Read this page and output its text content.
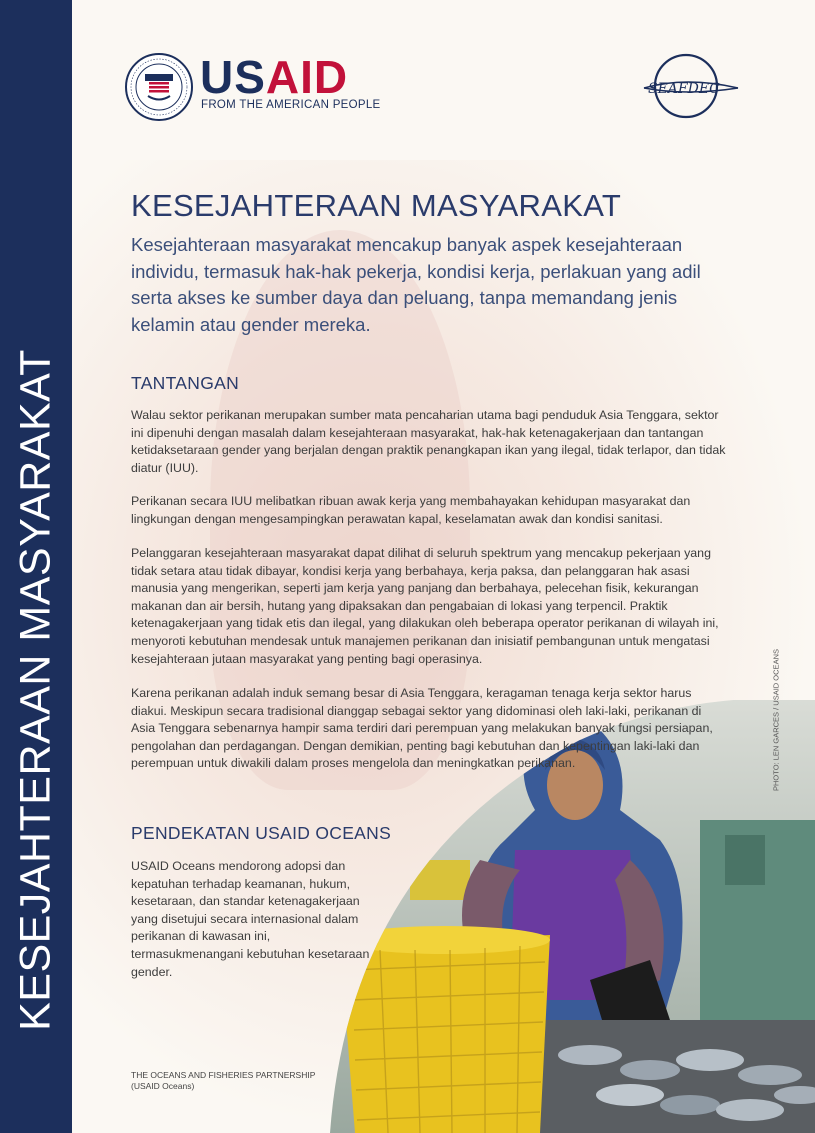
KESEJAHTERAAN MASYARAKAT
USAID
FROM THE AMERICAN PEOPLE
SEAFDEC
KESEJAHTERAAN MASYARAKAT

Kesejahteraan masyarakat mencakup banyak aspek kesejahteraan individu, termasuk hak-hak pekerja, kondisi kerja, perlakuan yang adil serta akses ke sumber daya dan peluang, tanpa memandang jenis kelamin atau gender mereka.

TANTANGAN

Walau sektor perikanan merupakan sumber mata pencaharian utama bagi penduduk Asia Tenggara, sektor ini dipenuhi dengan masalah dalam kesejahteraan masyarakat, hak-hak ketenagakerjaan dan tantangan ketidaksetaraan gender yang berjalan dengan praktik penangkapan ikan yang ilegal, tidak terlapor, dan tidak diatur (IUU).

Perikanan secara IUU melibatkan ribuan awak kerja yang membahayakan kehidupan masyarakat dan lingkungan dengan mengesampingkan perawatan kapal, keselamatan awak dan kondisi sanitasi.

Pelanggaran kesejahteraan masyarakat dapat dilihat di seluruh spektrum yang mencakup pekerjaan yang tidak setara atau tidak dibayar, kondisi kerja yang berbahaya, kerja paksa, dan pelanggaran hak asasi manusia yang mengerikan, seperti jam kerja yang panjang dan berbahaya, pelecehan fisik, kekurangan makanan dan air bersih, hutang yang dipaksakan dan pengabaian di lokasi yang terpencil. Praktik ketenagakerjaan yang tidak etis dan ilegal, yang dilakukan oleh beberapa operator perikanan di wilayah ini, menyoroti kebutuhan mendesak untuk manajemen perikanan dan inisiatif pembangunan untuk mengatasi kesejahteraan jutaan masyarakat yang penting bagi operasinya.

Karena perikanan adalah induk semang besar di Asia Tenggara, keragaman tenaga kerja sektor harus diakui. Meskipun secara tradisional dianggap sebagai sektor yang didominasi oleh laki-laki, perikanan di Asia Tenggara sebenarnya hampir sama terdiri dari perempuan yang melakukan banyak fungsi persiapan, pengolahan dan perdagangan. Dengan demikian, penting bagi kebutuhan dan kepentingan laki-laki dan perempuan untuk diwakili dalam proses mengelola dan meningkatkan perikanan.

PENDEKATAN USAID OCEANS

USAID Oceans mendorong adopsi dan kepatuhan terhadap keamanan, hukum, kesetaraan, dan standar ketenagakerjaan yang disetujui secara internasional dalam perikanan di kawasan ini, termasukmenangani kebutuhan kesetaraan gender.

PHOTO: LEN GARCES / USAID OCEANS
THE OCEANS AND FISHERIES PARTNERSHIP
(USAID Oceans)
